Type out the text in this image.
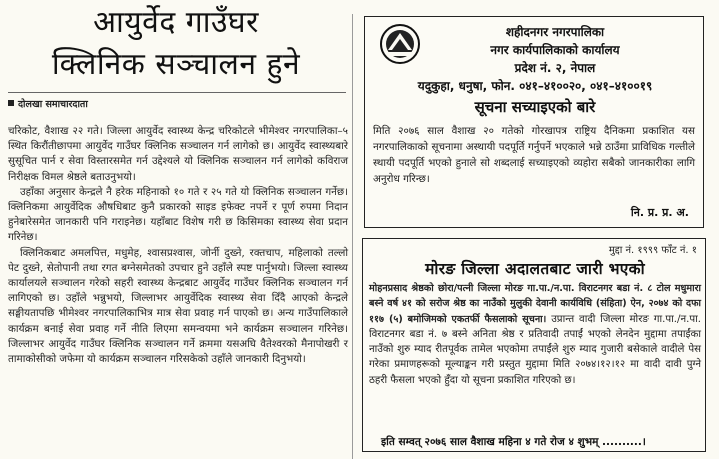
आयुर्वेद गाउँघर
क्लिनिक सञ्चालन हुने
दोलखा समाचारदाता

चरिकोट, वैशाख २२ गते। जिल्ला आयुर्वेद स्वास्थ्य केन्द्र चरिकोटले भीमेश्वर नगरपालिका–५ स्थित किरौंतीछापमा आयुर्वेद गाउँघर क्लिनिक सञ्चालन गर्न लागेको छ। आयुर्वेद स्वास्थ्यबारे सुसूचित पार्न र सेवा विस्तारसमेत गर्न उद्देश्यले यो क्लिनिक सञ्चालन गर्न लागेको कविराज निरीक्षक विमल श्रेष्ठले बताउनुभयो।

उहाँका अनुसार केन्द्रले नै हरेक महिनाको १० गते र २५ गते यो क्लिनिक सञ्चालन गर्नेछ। क्लिनिकमा आयुर्वेदिक औषधिबाट कुनै प्रकारको साइड इफेक्ट नपर्ने र पूर्ण रुपमा निदान हुनेबारेसमेत जानकारी पनि गराइनेछ। यहाँबाट विशेष गरी छ किसिमका स्वास्थ्य सेवा प्रदान गरिनेछ।

क्लिनिकबाट अमलपित्त, मधुमेह, श्वासप्रश्वास, जोर्नी दुख्ने, रक्तचाप, महिलाको तल्लो पेट दुख्ने, सेतोपानी तथा रगत बग्नेसमेतको उपचार हुने उहाँले स्पष्ट पार्नुभयो। जिल्ला स्वास्थ्य कार्यालयले सञ्चालन गरेको सहरी स्वास्थ्य केन्द्रबाट आयुर्वेद गाउँघर क्लिनिक सञ्चालन गर्न लागिएको छ। उहाँले भन्नुभयो, जिल्लाभर आयुर्वेदिक स्वास्थ्य सेवा दिँदै आएको केन्द्रले सङ्घीयतापछि भीमेश्वर नगरपालिकाभित्र मात्र सेवा प्रवाह गर्न पाएको छ। अन्य गाउँपालिकाले कार्यक्रम बनाई सेवा प्रवाह गर्ने नीति लिएमा समन्वयमा भने कार्यक्रम सञ्चालन गरिनेछ। जिल्लाभर आयुर्वेद गाउँघर क्लिनिक सञ्चालन गर्ने क्रममा यसअघि वैतेश्वरको मैनापोखरी र तामाकोसीको जफेमा यो कार्यक्रम सञ्चालन गरिसकेको उहाँले जानकारी दिनुभयो।

शहीदनगर नगरपालिका
नगर कार्यपालिकाको कार्यालय
प्रदेश नं. २, नेपाल
यदुकुहा, धनुषा, फोन. ०४१–४१००२०, ०४१–४१००१९
सूचना सच्याइएको बारे
मिति २०७६ साल वैशाख २० गतेको गोरखापत्र राष्ट्रिय दैनिकमा प्रकाशित यस नगरपालिकाको सूचनामा अस्थायी पदपूर्ति गर्नुपर्ने भएकाले भन्ने ठाउँमा प्राविधिक गल्तीले स्थायी पदपूर्ति भएको हुनाले सो शब्दलाई सच्याइएको व्यहोरा सबैको जानकारीका लागि अनुरोध गरिन्छ।
नि. प्र. प्र. अ.
मुद्दा नं. १९९९ फाँट नं. १
मोरङ जिल्ला अदालतबाट जारी भएको
मोहनप्रसाद श्रेष्ठको छोरा/पत्नी जिल्ला मोरङ गा.पा./न.पा. विराटनगर बडा नं. ८ टोल मधुमारा बस्ने वर्ष ४१ को सरोज श्रेष्ठ का नाउँको मुलुकी देवानी कार्यविधि (संहिता) ऐन, २०७४ को दफा ११७ (५) बमोजिमको एकतर्फी फैसलाको सूचना। उप्रान्त वादी जिल्ला मोरङ गा.पा./न.पा. विराटनगर बडा नं. ७ बस्ने अनिता श्रेष्ठ र प्रतिवादी तपाईं भएको लेनदेन मुद्दामा तपाईंका नाउँको शुरु म्याद रीतपूर्वक तामेल भएकोमा तपाईंले शुरु म्याद गुजारी बसेकाले वादीले पेस गरेका प्रमाणहरूको मूल्याङ्कन गरी प्रस्तुत मुद्दामा मिति २०७४।१२।१२ मा वादी दावी पुग्ने ठहरी फैसला भएको हुँदा यो सूचना प्रकाशित गरिएको छ।
इति सम्वत् २०७६ साल वैशाख महिना ४ गते रोज ४ शुभम् ..........।
